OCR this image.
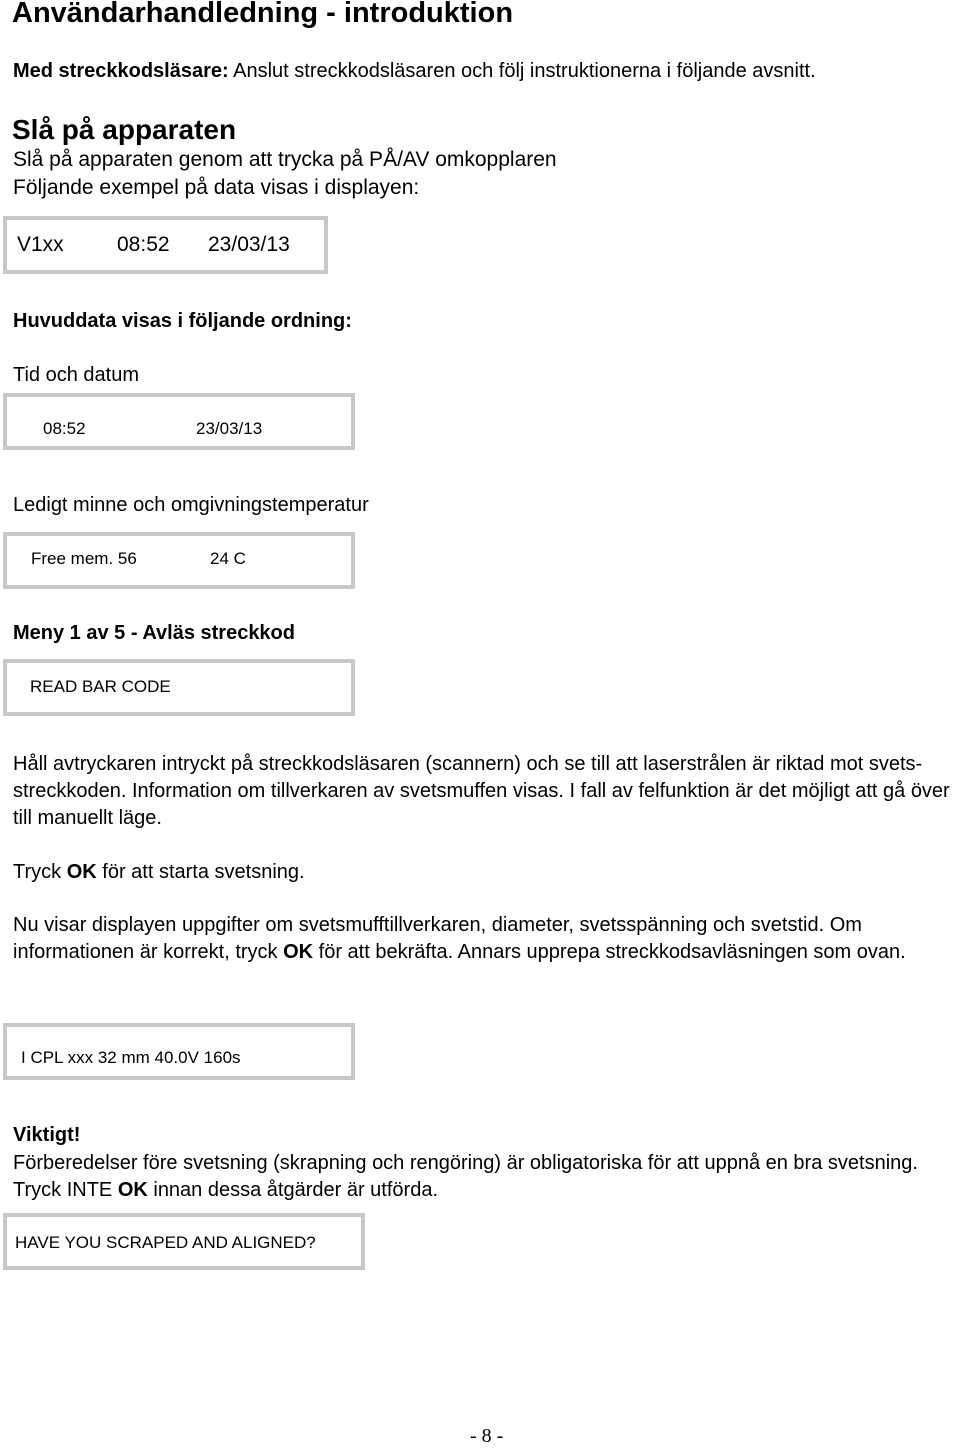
Användarhandledning - introduktion
Med streckkodsläsare: Anslut streckkodsläsaren och följ instruktionerna i följande avsnitt.
Slå på apparaten
Slå på apparaten genom att trycka på PÅ/AV omkopplaren
Följande exempel på data visas i displayen:
V1xx	08:52 23/03/13
Huvuddata visas i följande ordning:
Tid och datum
08:52	23/03/13
Ledigt minne och omgivningstemperatur
Free mem. 56	24 C
Meny 1 av 5 - Avläs streckkod
READ BAR CODE
Håll avtryckaren intryckt på streckkodsläsaren (scannern) och se till att laserstrålen är riktad mot svets-streckkoden. Information om tillverkaren av svetsmuffen visas. I fall av felfunktion är det möjligt att gå över till manuellt läge.
Tryck OK för att starta svetsning.
Nu visar displayen uppgifter om svetsmufftillverkaren, diameter, svetsspänning och svetstid. Om informationen är korrekt, tryck OK för att bekräfta. Annars upprepa streckkodsavläsningen som ovan.
I CPL xxx 32 mm 40.0V 160s
Viktigt!
Förberedelser före svetsning (skrapning och rengöring) är obligatoriska för att uppnå en bra svetsning. Tryck INTE OK innan dessa åtgärder är utförda.
HAVE YOU SCRAPED AND ALIGNED?
- 8 -
